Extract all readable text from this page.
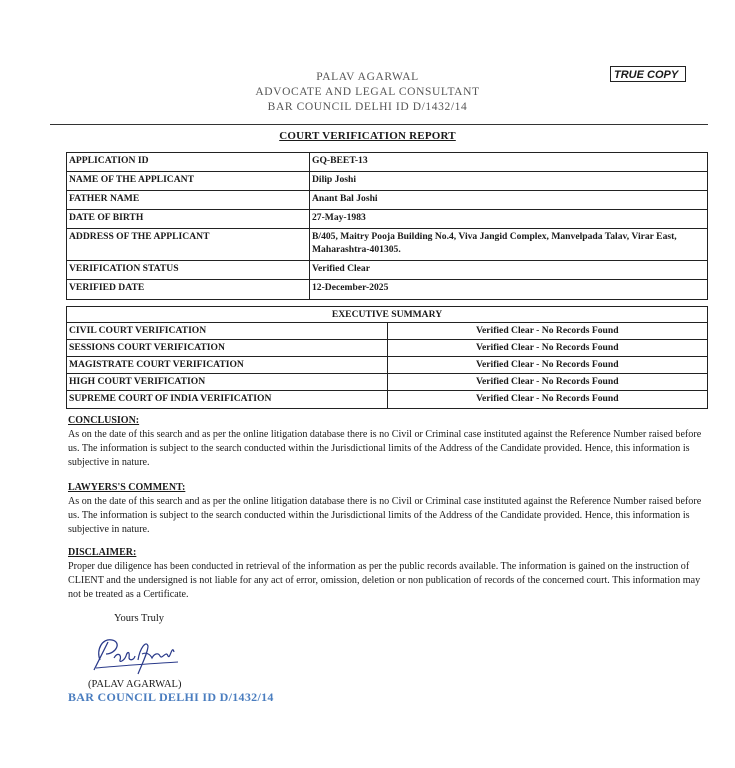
PALAV AGARWAL
ADVOCATE AND LEGAL CONSULTANT
BAR COUNCIL DELHI ID D/1432/14
TRUE COPY
COURT VERIFICATION REPORT
APPLICATION ID	GQ-BEET-13
NAME OF THE APPLICANT	Dilip Joshi
FATHER NAME	Anant Bal Joshi
DATE OF BIRTH	27-May-1983
ADDRESS OF THE APPLICANT	B/405, Maitry Pooja Building No.4, Viva Jangid Complex, Manvelpada Talav, Virar East, Maharashtra-401305.
VERIFICATION STATUS	Verified Clear
VERIFIED DATE	12-December-2025
EXECUTIVE SUMMARY	
CIVIL COURT VERIFICATION	Verified Clear - No Records Found
SESSIONS COURT VERIFICATION	Verified Clear - No Records Found
MAGISTRATE COURT VERIFICATION	Verified Clear - No Records Found
HIGH COURT VERIFICATION	Verified Clear - No Records Found
SUPREME COURT OF INDIA VERIFICATION	Verified Clear - No Records Found
CONCLUSION:
As on the date of this search and as per the online litigation database there is no Civil or Criminal case instituted against the Reference Number raised before us. The information is subject to the search conducted within the Jurisdictional limits of the Address of the Candidate provided. Hence, this information is subjective in nature.
LAWYERS'S COMMENT:
As on the date of this search and as per the online litigation database there is no Civil or Criminal case instituted against the Reference Number raised before us. The information is subject to the search conducted within the Jurisdictional limits of the Address of the Candidate provided. Hence, this information is subjective in nature.
DISCLAIMER:
Proper due diligence has been conducted in retrieval of the information as per the public records available. The information is gained on the instruction of CLIENT and the undersigned is not liable for any act of error, omission, deletion or non publication of records of the concerned court. This information may not be treated as a Certificate.
Yours Truly
(PALAV AGARWAL)
BAR COUNCIL DELHI ID D/1432/14
